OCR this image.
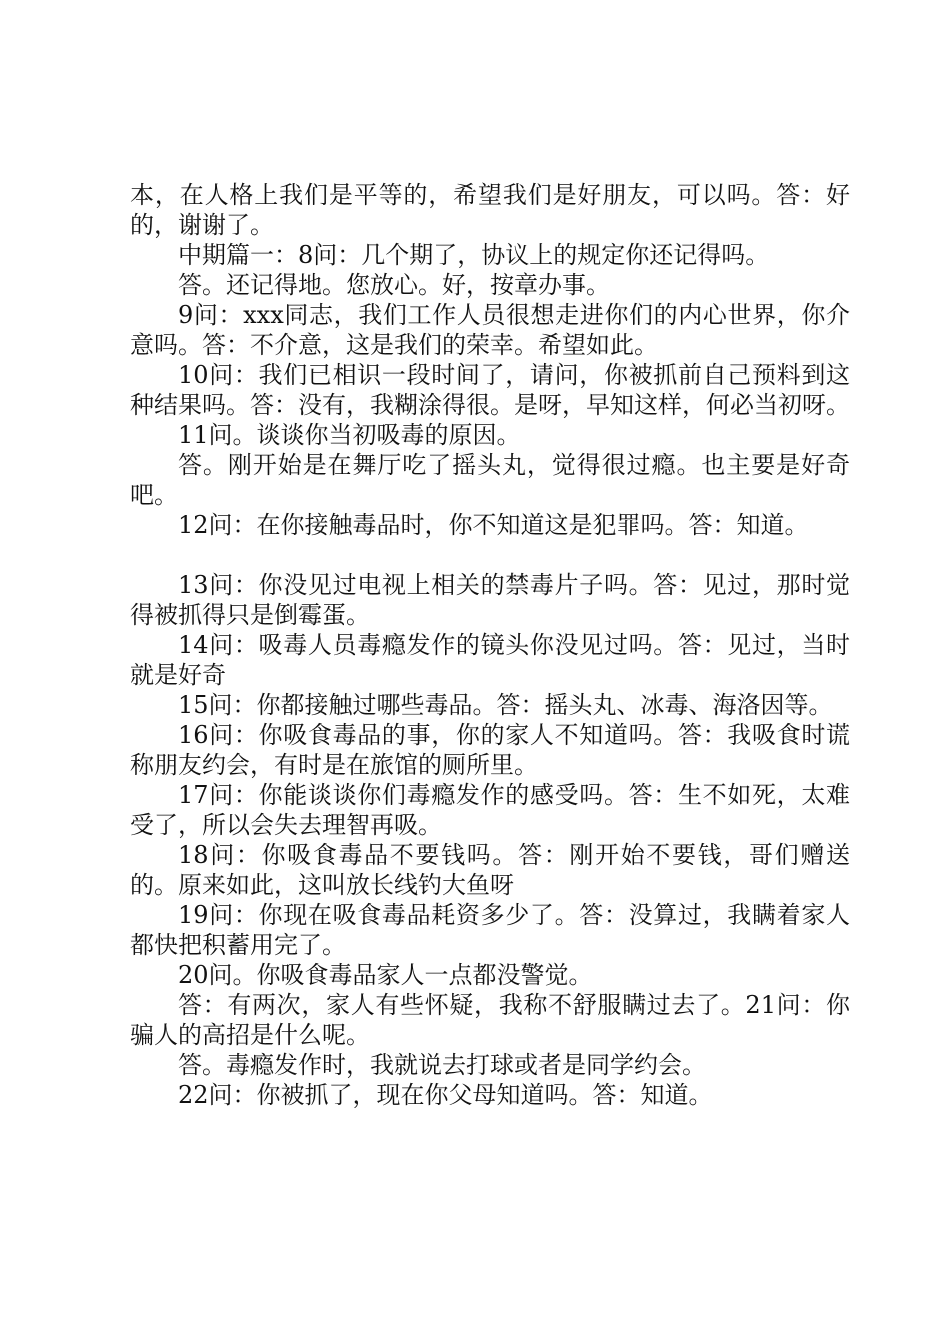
本，在人格上我们是平等的，希望我们是好朋友，可以吗。答：好的，谢谢了。

中期篇一：8问：几个期了，协议上的规定你还记得吗。

答。还记得地。您放心。好，按章办事。

9问：xxx同志，我们工作人员很想走进你们的内心世界，你介意吗。答：不介意，这是我们的荣幸。希望如此。

10问：我们已相识一段时间了，请问，你被抓前自己预料到这种结果吗。答：没有，我糊涂得很。是呀，早知这样，何必当初呀。

11问。谈谈你当初吸毒的原因。

答。刚开始是在舞厅吃了摇头丸，觉得很过瘾。也主要是好奇吧。

12问：在你接触毒品时，你不知道这是犯罪吗。答：知道。

13问：你没见过电视上相关的禁毒片子吗。答：见过，那时觉得被抓得只是倒霉蛋。

14问：吸毒人员毒瘾发作的镜头你没见过吗。答：见过，当时就是好奇

15问：你都接触过哪些毒品。答：摇头丸、冰毒、海洛因等。

16问：你吸食毒品的事，你的家人不知道吗。答：我吸食时谎称朋友约会，有时是在旅馆的厕所里。

17问：你能谈谈你们毒瘾发作的感受吗。答：生不如死，太难受了，所以会失去理智再吸。

18问：你吸食毒品不要钱吗。答：刚开始不要钱，哥们赠送的。原来如此，这叫放长线钓大鱼呀

19问：你现在吸食毒品耗资多少了。答：没算过，我瞒着家人都快把积蓄用完了。

20问。你吸食毒品家人一点都没警觉。

答：有两次，家人有些怀疑，我称不舒服瞒过去了。21问：你骗人的高招是什么呢。

答。毒瘾发作时，我就说去打球或者是同学约会。

22问：你被抓了，现在你父母知道吗。答：知道。
